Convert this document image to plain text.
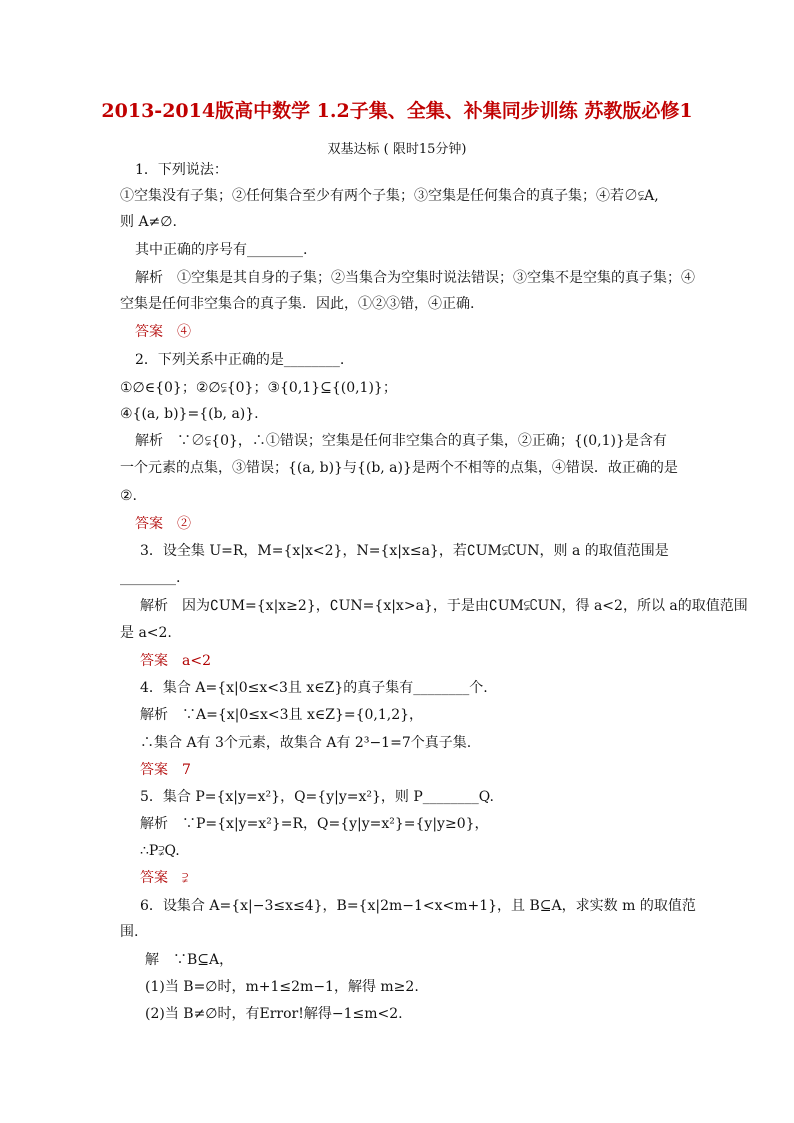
2013-2014版高中数学 1.2子集、全集、补集同步训练 苏教版必修1
双基达标 ( 限时15分钟)
1．下列说法：
①空集没有子集；②任何集合至少有两个子集；③空集是任何集合的真子集；④若∅⫋A,
则 A≠∅.
其中正确的序号有________.
解析　①空集是其自身的子集；②当集合为空集时说法错误；③空集不是空集的真子集；④
空集是任何非空集合的真子集．因此，①②③错，④正确.
答案　④
2．下列关系中正确的是________.
①∅∈{0}；②∅⫋{0}；③{0,1}⊆{(0,1)}；
④{(a, b)}={(b, a)}.
解析　∵∅⫋{0}，∴①错误；空集是任何非空集合的真子集，②正确；{(0,1)}是含有
一个元素的点集，③错误；{(a, b)}与{(b, a)}是两个不相等的点集，④错误．故正确的是
②.
答案　②
3．设全集 U=R，M={x|x<2}，N={x|x≤a}，若∁UM⫋∁UN，则 a 的取值范围是
________.
解析　因为∁UM={x|x≥2}，∁UN={x|x>a}，于是由∁UM⫋∁UN，得 a<2，所以 a的取值范围
是 a<2.
答案　a<2
4．集合 A={x|0≤x<3且 x∈Z}的真子集有________个.
解析　∵A={x|0≤x<3且 x∈Z}={0,1,2}，
∴集合 A有 3个元素，故集合 A有 2³−1=7个真子集.
答案　7
5．集合 P={x|y=x²}，Q={y|y=x²}，则 P________Q.
解析　∵P={x|y=x²}=R，Q={y|y=x²}={y|y≥0}，
∴P⫌Q.
答案　⫌
6．设集合 A={x|−3≤x≤4}，B={x|2m−1<x<m+1}，且 B⊆A，求实数 m 的取值范
围.
解　∵B⊆A，
(1)当 B=∅时，m+1≤2m−1，解得 m≥2.
(2)当 B≠∅时，有Error!解得−1≤m<2.
